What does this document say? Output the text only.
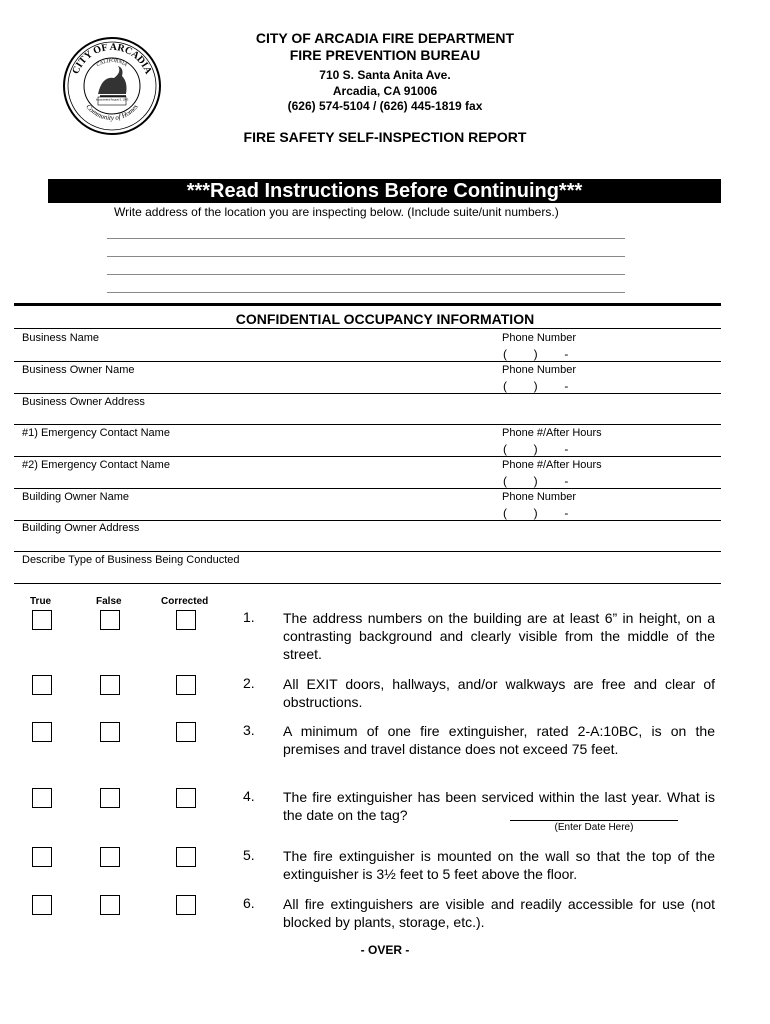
CITY OF ARCADIA
CALIFORNIA
Community of Homes
Incorporated August 5, 1903
CITY OF ARCADIA FIRE DEPARTMENT
FIRE PREVENTION BUREAU
710 S. Santa Anita Ave.
Arcadia, CA 91006
(626) 574-5104 / (626) 445-1819 fax
FIRE SAFETY SELF-INSPECTION REPORT
***Read Instructions Before Continuing***
Write address of the location you are inspecting below. (Include suite/unit numbers.)
CONFIDENTIAL OCCUPANCY INFORMATION
Business Name	Phone Number
(        )        -
Business Owner Name	Phone Number
(        )        -
Business Owner Address
#1) Emergency Contact Name	Phone #/After Hours
(        )        -
#2) Emergency Contact Name	Phone #/After Hours
(        )        -
Building Owner Name	Phone Number
(        )        -
Building Owner Address
Describe Type of Business Being Conducted
True	False	Corrected
1. The address numbers on the building are at least 6” in height, on a contrasting background and clearly visible from the middle of the street.
2. All EXIT doors, hallways, and/or walkways are free and clear of obstructions.
3. A minimum of one fire extinguisher, rated 2-A:10BC, is on the premises and travel distance does not exceed 75 feet.
4. The fire extinguisher has been serviced within the last year. What is the date on the tag?
(Enter Date Here)
5. The fire extinguisher is mounted on the wall so that the top of the extinguisher is 3½ feet to 5 feet above the floor.
6. All fire extinguishers are visible and readily accessible for use (not blocked by plants, storage, etc.).
- OVER -
